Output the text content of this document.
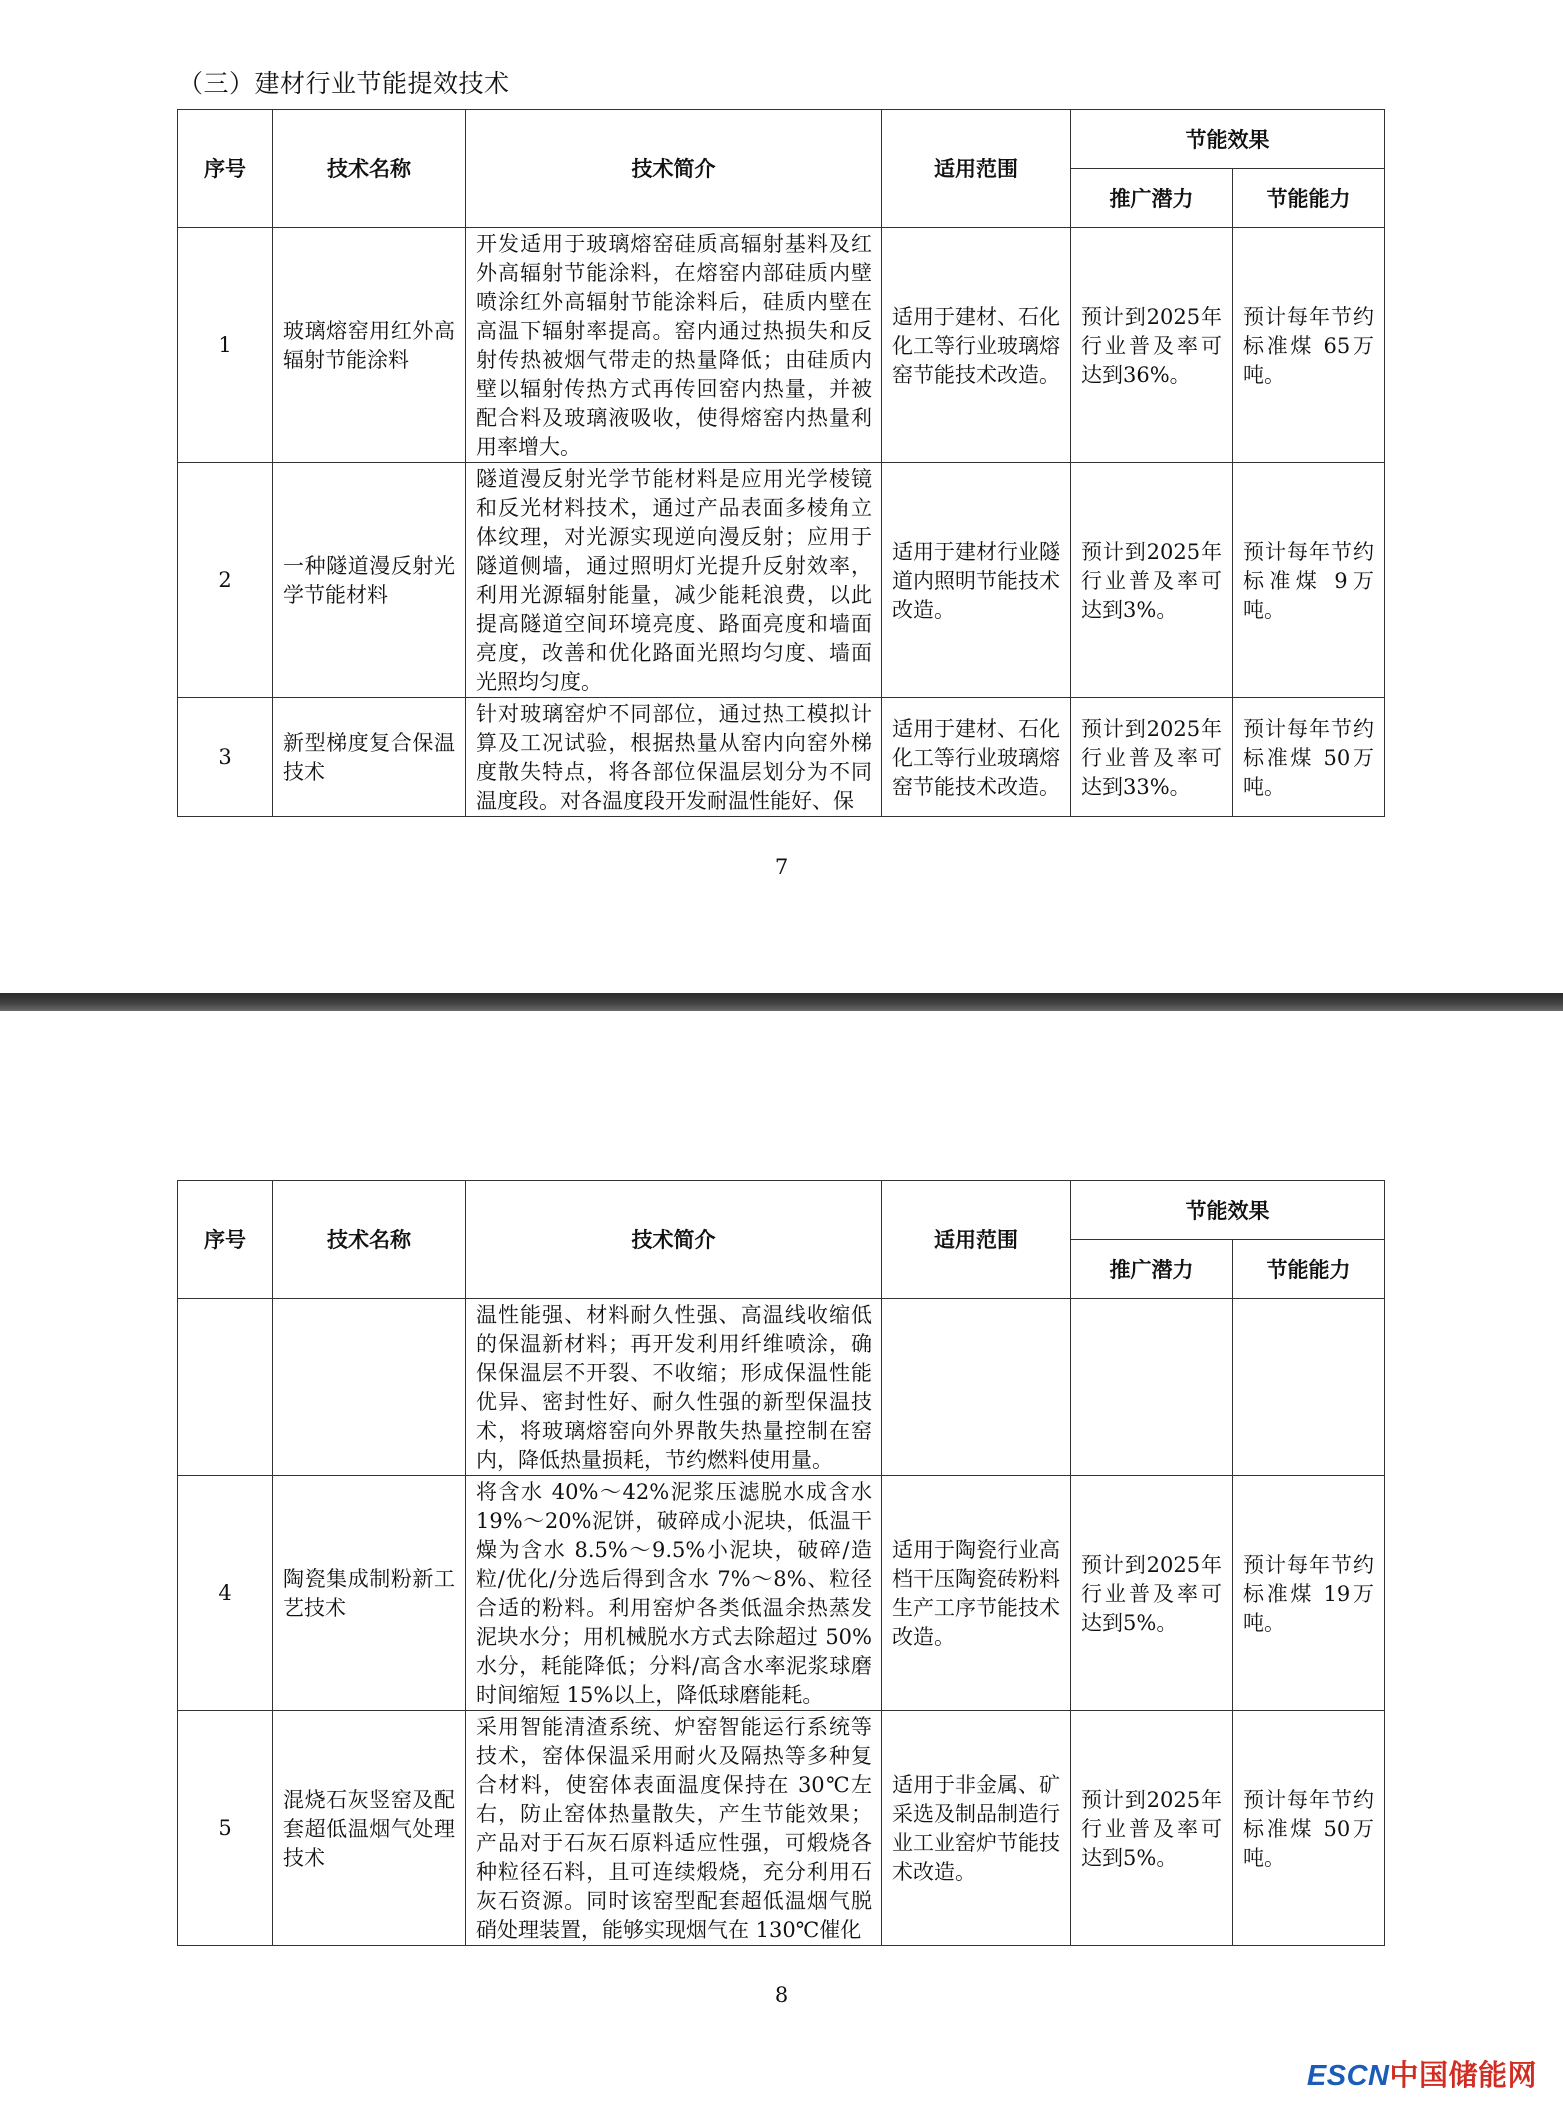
（三）建材行业节能提效技术
序号	技术名称	技术简介	适用范围	节能效果	
				推广潜力	节能能力
1	玻璃熔窑用红外高辐射节能涂料	开发适用于玻璃熔窑硅质高辐射基料及红外高辐射节能涂料，在熔窑内部硅质内壁喷涂红外高辐射节能涂料后，硅质内壁在高温下辐射率提高。窑内通过热损失和反射传热被烟气带走的热量降低；由硅质内壁以辐射传热方式再传回窑内热量，并被配合料及玻璃液吸收，使得熔窑内热量利用率增大。	适用于建材、石化化工等行业玻璃熔窑节能技术改造。	预计到2025年行业普及率可达到36%。	预计每年节约标准煤 65万吨。

2	一种隧道漫反射光学节能材料	隧道漫反射光学节能材料是应用光学棱镜和反光材料技术，通过产品表面多棱角立体纹理，对光源实现逆向漫反射；应用于隧道侧墙，通过照明灯光提升反射效率，利用光源辐射能量，减少能耗浪费，以此提高隧道空间环境亮度、路面亮度和墙面亮度，改善和优化路面光照均匀度、墙面光照均匀度。	适用于建材行业隧道内照明节能技术改造。	预计到2025年行业普及率可达到3%。	预计每年节约标准煤 9万吨。

3	新型梯度复合保温技术	针对玻璃窑炉不同部位，通过热工模拟计算及工况试验，根据热量从窑内向窑外梯度散失特点，将各部位保温层划分为不同温度段。对各温度段开发耐温性能好、保	适用于建材、石化化工等行业玻璃熔窑节能技术改造。	预计到2025年行业普及率可达到33%。	预计每年节约标准煤 50万吨。
7
序号	技术名称	技术简介	适用范围	节能效果	
				推广潜力	节能能力

		温性能强、材料耐久性强、高温线收缩低的保温新材料；再开发利用纤维喷涂，确保保温层不开裂、不收缩；形成保温性能优异、密封性好、耐久性强的新型保温技术，将玻璃熔窑向外界散失热量控制在窑内，降低热量损耗，节约燃料使用量。			

4	陶瓷集成制粉新工艺技术	将含水 40%～42%泥浆压滤脱水成含水 19%～20%泥饼，破碎成小泥块，低温干燥为含水 8.5%～9.5%小泥块，破碎/造粒/优化/分选后得到含水 7%～8%、粒径合适的粉料。利用窑炉各类低温余热蒸发泥块水分；用机械脱水方式去除超过 50%水分，耗能降低；分料/高含水率泥浆球磨时间缩短 15%以上，降低球磨能耗。	适用于陶瓷行业高档干压陶瓷砖粉料生产工序节能技术改造。	预计到2025年行业普及率可达到5%。	预计每年节约标准煤 19万吨。

5	混烧石灰竖窑及配套超低温烟气处理技术	采用智能清渣系统、炉窑智能运行系统等技术，窑体保温采用耐火及隔热等多种复合材料，使窑体表面温度保持在 30℃左右，防止窑体热量散失，产生节能效果；产品对于石灰石原料适应性强，可煅烧各种粒径石料，且可连续煅烧，充分利用石灰石资源。同时该窑型配套超低温烟气脱硝处理装置，能够实现烟气在 130℃催化	适用于非金属、矿采选及制品制造行业工业窑炉节能技术改造。	预计到2025年行业普及率可达到5%。	预计每年节约标准煤 50万吨。
8
ESCN中国储能网
